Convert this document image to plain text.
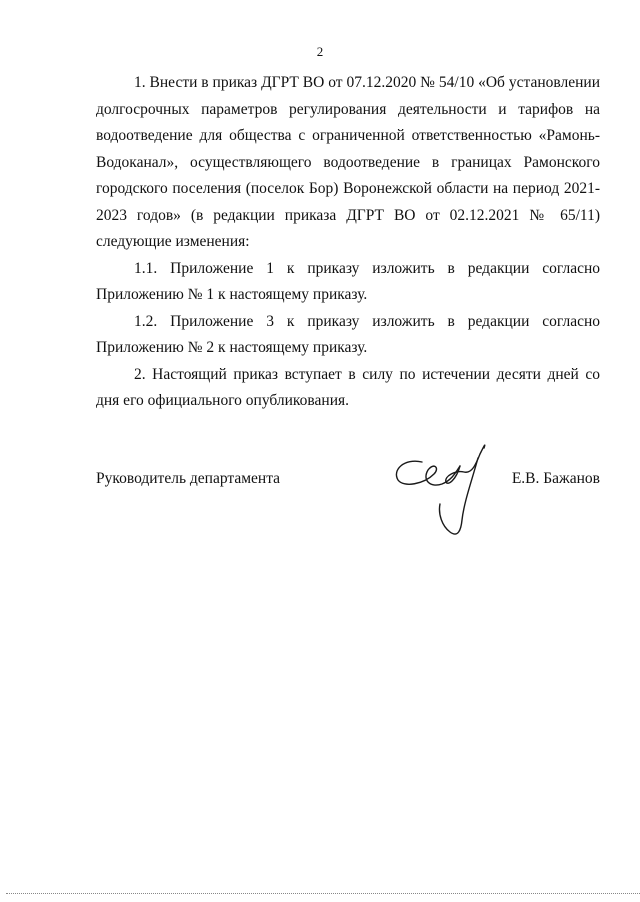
2

1. Внести в приказ ДГРТ ВО от 07.12.2020 № 54/10 «Об установлении долгосрочных параметров регулирования деятельности и тарифов на водоотведение для общества с ограниченной ответственностью «Рамонь-Водоканал», осуществляющего водоотведение в границах Рамонского городского поселения (поселок Бор) Воронежской области на период 2021-2023 годов» (в редакции приказа ДГРТ ВО от 02.12.2021 № 65/11) следующие изменения:

1.1. Приложение 1 к приказу изложить в редакции согласно Приложению № 1 к настоящему приказу.

1.2. Приложение 3 к приказу изложить в редакции согласно Приложению № 2 к настоящему приказу.

2. Настоящий приказ вступает в силу по истечении десяти дней со дня его официального опубликования.

Руководитель департамента	Е.В. Бажанов
